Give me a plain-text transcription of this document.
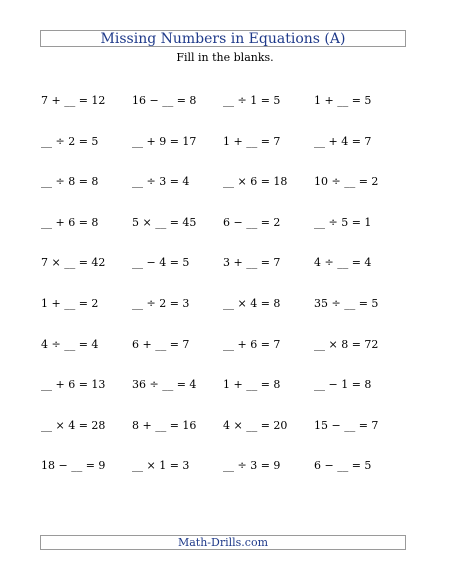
Missing Numbers in Equations (A)
Fill in the blanks.
7 + __ = 12	16 − __ = 8	__ ÷ 1 = 5	1 + __ = 5
__ ÷ 2 = 5	__ + 9 = 17	1 + __ = 7	__ + 4 = 7
__ ÷ 8 = 8	__ ÷ 3 = 4	__ × 6 = 18	10 ÷ __ = 2
__ + 6 = 8	5 × __ = 45	6 − __ = 2	__ ÷ 5 = 1
7 × __ = 42	__ − 4 = 5	3 + __ = 7	4 ÷ __ = 4
1 + __ = 2	__ ÷ 2 = 3	__ × 4 = 8	35 ÷ __ = 5
4 ÷ __ = 4	6 + __ = 7	__ + 6 = 7	__ × 8 = 72
__ + 6 = 13	36 ÷ __ = 4	1 + __ = 8	__ − 1 = 8
__ × 4 = 28	8 + __ = 16	4 × __ = 20	15 − __ = 7
18 − __ = 9	__ × 1 = 3	__ ÷ 3 = 9	6 − __ = 5
Math-Drills.com
